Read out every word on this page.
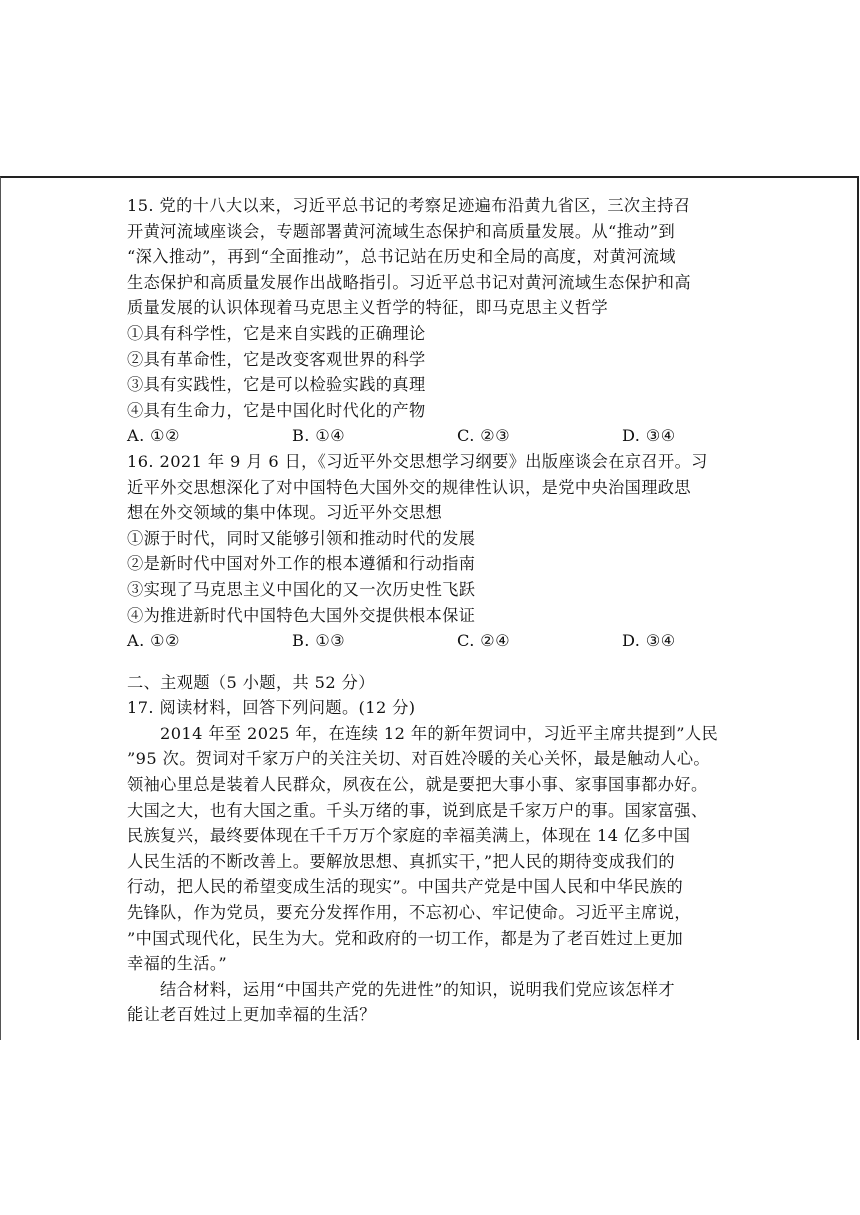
15. 党的十八大以来，习近平总书记的考察足迹遍布沿黄九省区，三次主持召
开黄河流域座谈会，专题部署黄河流域生态保护和高质量发展。从“推动”到
“深入推动”，再到“全面推动”，总书记站在历史和全局的高度，对黄河流域
生态保护和高质量发展作出战略指引。习近平总书记对黄河流域生态保护和高
质量发展的认识体现着马克思主义哲学的特征，即马克思主义哲学
①具有科学性，它是来自实践的正确理论
②具有革命性，它是改变客观世界的科学
③具有实践性，它是可以检验实践的真理
④具有生命力，它是中国化时代化的产物
A. ①②	B. ①④	C. ②③	D. ③④
16. 2021 年 9 月 6 日，《习近平外交思想学习纲要》出版座谈会在京召开。习
近平外交思想深化了对中国特色大国外交的规律性认识，是党中央治国理政思
想在外交领域的集中体现。习近平外交思想
①源于时代，同时又能够引领和推动时代的发展
②是新时代中国对外工作的根本遵循和行动指南
③实现了马克思主义中国化的又一次历史性飞跃
④为推进新时代中国特色大国外交提供根本保证
A. ①②	B. ①③	C. ②④	D. ③④
二、主观题（5 小题，共 52 分）
17. 阅读材料，回答下列问题。(12 分)
2014 年至 2025 年，在连续 12 年的新年贺词中，习近平主席共提到”人民
”95 次。贺词对千家万户的关注关切、对百姓冷暖的关心关怀，最是触动人心。
领袖心里总是装着人民群众，夙夜在公，就是要把大事小事、家事国事都办好。
大国之大，也有大国之重。千头万绪的事，说到底是千家万户的事。国家富强、
民族复兴，最终要体现在千千万万个家庭的幸福美满上，体现在 14 亿多中国
人民生活的不断改善上。要解放思想、真抓实干，”把人民的期待变成我们的
行动，把人民的希望变成生活的现实”。中国共产党是中国人民和中华民族的
先锋队，作为党员，要充分发挥作用，不忘初心、牢记使命。习近平主席说，
”中国式现代化，民生为大。党和政府的一切工作，都是为了老百姓过上更加
幸福的生活。”
结合材料，运用“中国共产党的先进性”的知识，说明我们党应该怎样才
能让老百姓过上更加幸福的生活？
